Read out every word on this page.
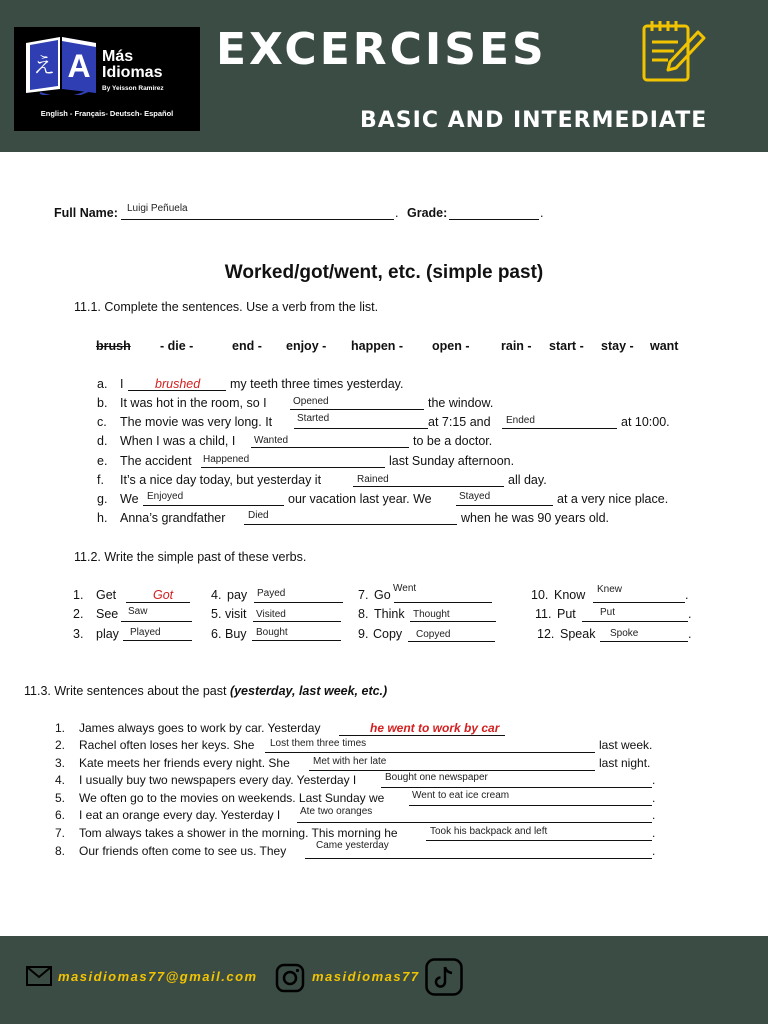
え A Más
Idiomas
By Yeisson Ramirez
English - Français- Deutsch- Español
EXCERCISES
BASIC AND INTERMEDIATE
Full Name: Luigi Peñuela	. Grade:	.
Worked/got/went, etc. (simple past)
11.1. Complete the sentences. Use a verb from the list.
brush - die -	end - enjoy - happen - open -	rain - start - stay - want
a. I	brushed my teeth three times yesterday.
b. It was hot in the room, so I	Opened	the window.
c. The movie was very long. It Started	at 7:15 and Ended	at 10:00.
d. When I was a child, I Wanted	to be a doctor.
e. The accident Happened	last Sunday afternoon.
f. It’s a nice day today, but yesterday it	Rained	all day.
g. We Enjoyed	our vacation last year. We	Stayed	at a very nice place.
h. Anna’s grandfather Died	when he was 90 years old.
11.2. Write the simple past of these verbs.
1. Get	Got
2. See Saw
3. play Played
4. pay Payed
5. visit Visited
6. Buy Bought
7. Go Went
8. Think Thought
9. Copy Copyed
10. Know Knew	.
11. Put Put	.
12. Speak Spoke	.
11.3. Write sentences about the past (yesterday, last week, etc.)
1. James always goes to work by car. Yesterday	he went to work by car
2. Rachel often loses her keys. She Lost them three times	last week.
3. Kate meets her friends every night. She Met with her late	last night.
4. I usually buy two newspapers every day. Yesterday I	Bought one newspaper	.
5. We often go to the movies on weekends. Last Sunday we	Went to eat ice cream	.
6. I eat an orange every day. Yesterday I Ate two oranges	.
7. Tom always takes a shower in the morning. This morning he	Took his backpack and left	.
8. Our friends often come to see us. They	Came yesterday	.
masidiomas77@gmail.com	masidiomas77
